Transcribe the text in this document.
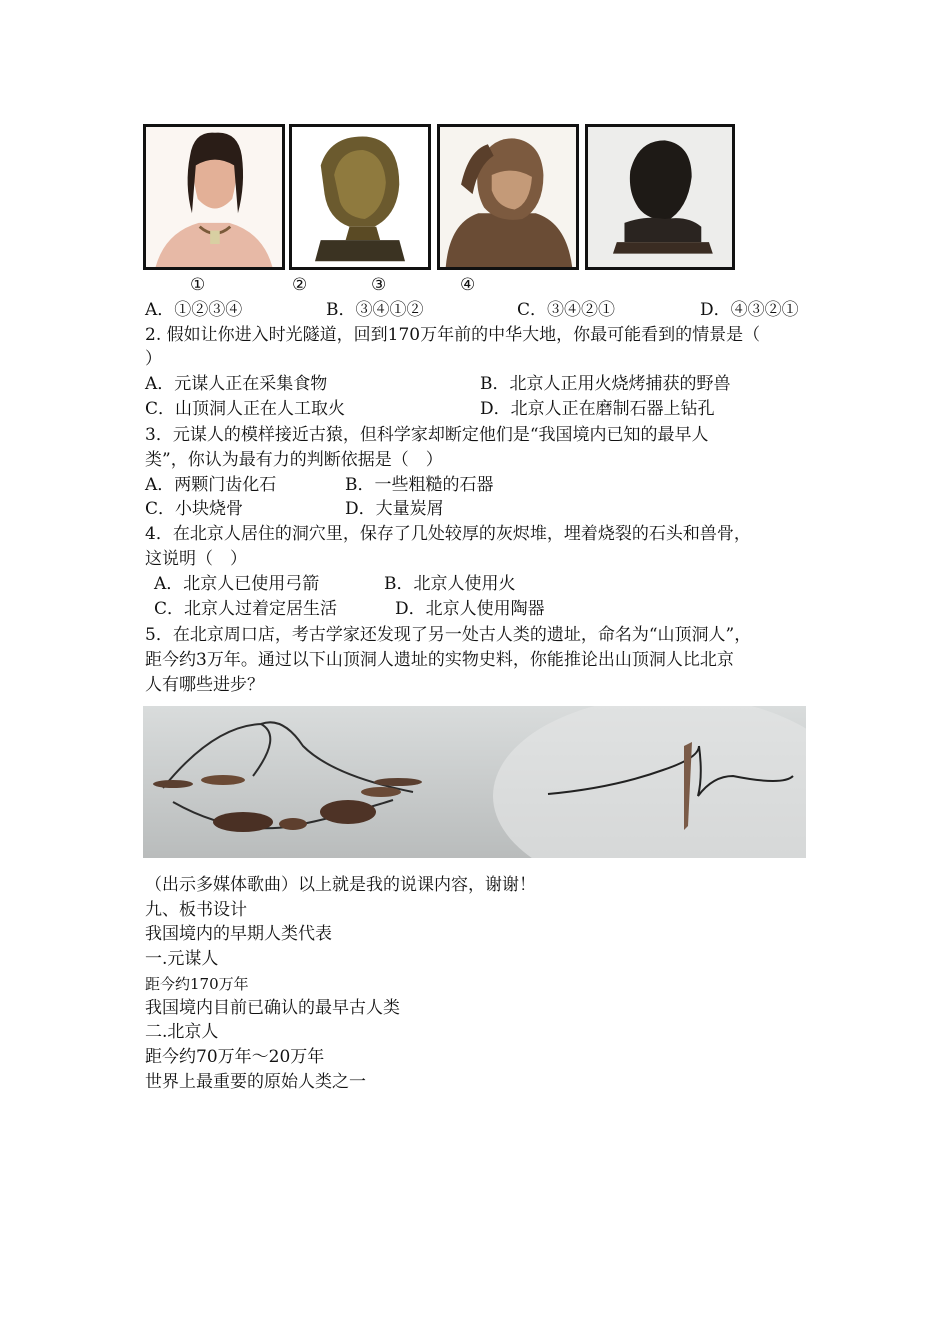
①	②	③	④
A．①②③④	B．③④①②	C．③④②①	D．④③②①
2. 假如让你进入时光隧道，回到170万年前的中华大地，你最可能看到的情景是（
）
A．元谋人正在采集食物	B．北京人正用火烧烤捕获的野兽
C．山顶洞人正在人工取火	D．北京人正在磨制石器上钻孔
3．元谋人的模样接近古猿，但科学家却断定他们是“我国境内已知的最早人
类”，你认为最有力的判断依据是（　）
A．两颗门齿化石	B．一些粗糙的石器
C．小块烧骨	D．大量炭屑
4．在北京人居住的洞穴里，保存了几处较厚的灰烬堆，埋着烧裂的石头和兽骨，
这说明（　）
A．北京人已使用弓箭	B．北京人使用火
C．北京人过着定居生活	D．北京人使用陶器
5．在北京周口店，考古学家还发现了另一处古人类的遗址，命名为“山顶洞人”，
距今约3万年。通过以下山顶洞人遗址的实物史料，你能推论出山顶洞人比北京
人有哪些进步？
（出示多媒体歌曲）以上就是我的说课内容，谢谢！
九、板书设计
我国境内的早期人类代表
一.元谋人
距今约170万年
我国境内目前已确认的最早古人类
二.北京人
距今约70万年～20万年
世界上最重要的原始人类之一
